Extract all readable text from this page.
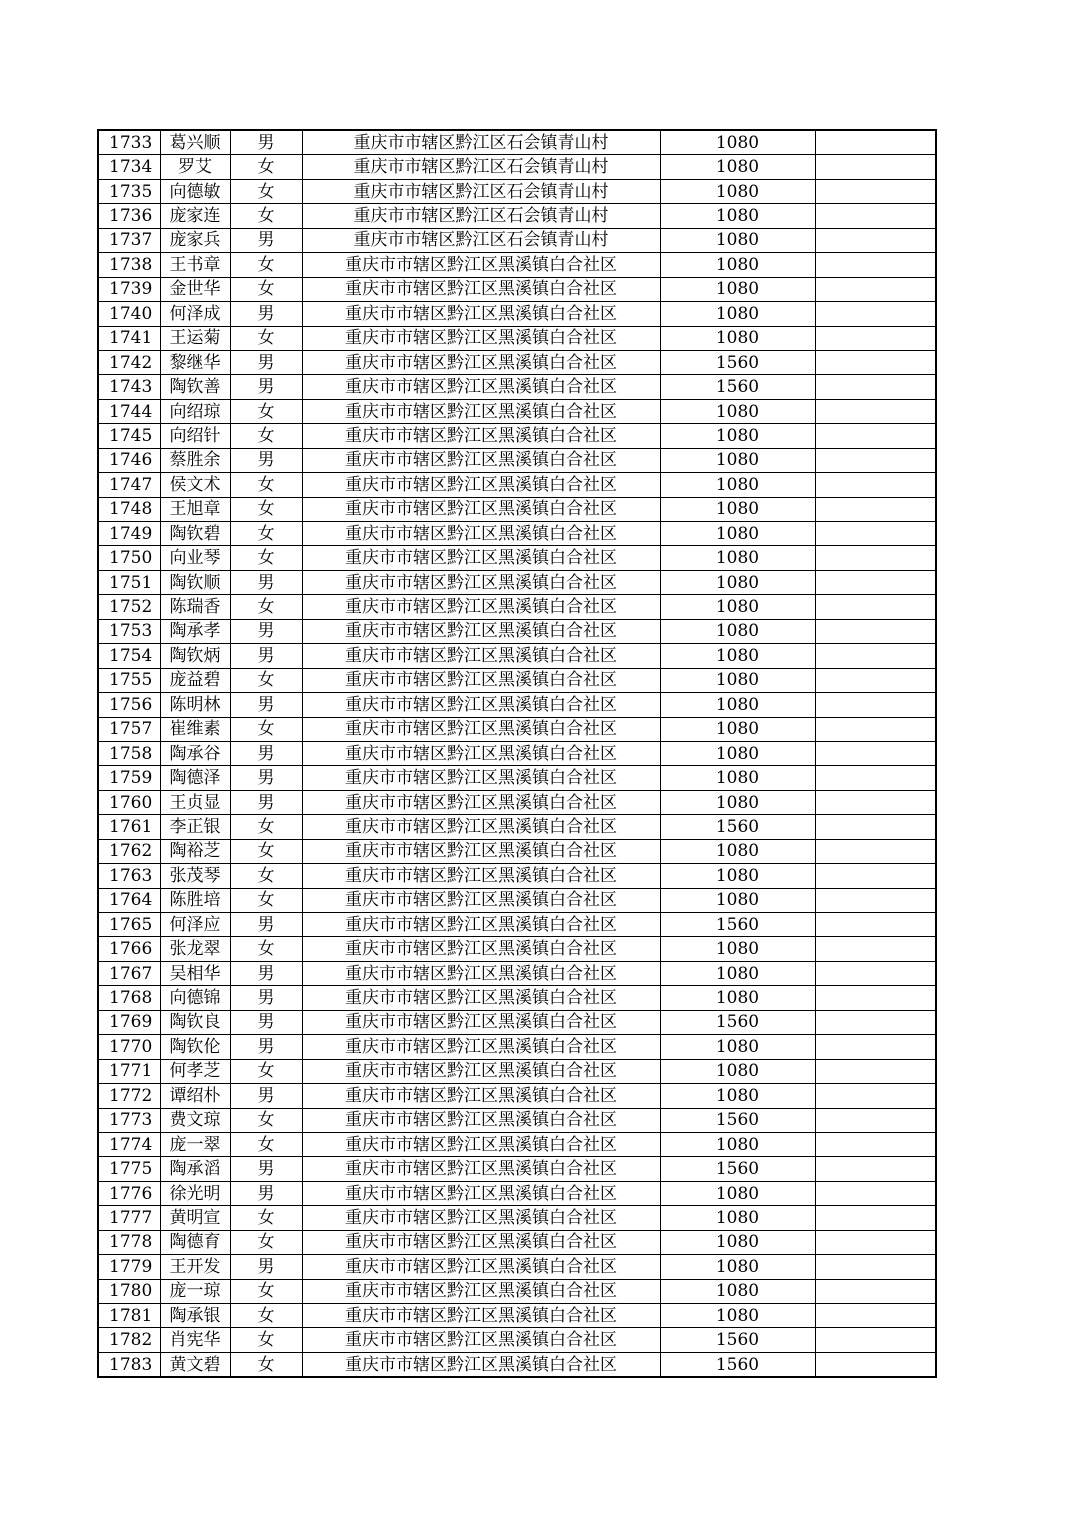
1733	葛兴顺	男	重庆市市辖区黔江区石会镇青山村	1080	
1734	罗艾	女	重庆市市辖区黔江区石会镇青山村	1080	
1735	向德敏	女	重庆市市辖区黔江区石会镇青山村	1080	
1736	庞家连	女	重庆市市辖区黔江区石会镇青山村	1080	
1737	庞家兵	男	重庆市市辖区黔江区石会镇青山村	1080	
1738	王书章	女	重庆市市辖区黔江区黑溪镇白合社区	1080	
1739	金世华	女	重庆市市辖区黔江区黑溪镇白合社区	1080	
1740	何泽成	男	重庆市市辖区黔江区黑溪镇白合社区	1080	
1741	王运菊	女	重庆市市辖区黔江区黑溪镇白合社区	1080	
1742	黎继华	男	重庆市市辖区黔江区黑溪镇白合社区	1560	
1743	陶钦善	男	重庆市市辖区黔江区黑溪镇白合社区	1560	
1744	向绍琼	女	重庆市市辖区黔江区黑溪镇白合社区	1080	
1745	向绍针	女	重庆市市辖区黔江区黑溪镇白合社区	1080	
1746	蔡胜余	男	重庆市市辖区黔江区黑溪镇白合社区	1080	
1747	侯文术	女	重庆市市辖区黔江区黑溪镇白合社区	1080	
1748	王旭章	女	重庆市市辖区黔江区黑溪镇白合社区	1080	
1749	陶钦碧	女	重庆市市辖区黔江区黑溪镇白合社区	1080	
1750	向业琴	女	重庆市市辖区黔江区黑溪镇白合社区	1080	
1751	陶钦顺	男	重庆市市辖区黔江区黑溪镇白合社区	1080	
1752	陈瑞香	女	重庆市市辖区黔江区黑溪镇白合社区	1080	
1753	陶承孝	男	重庆市市辖区黔江区黑溪镇白合社区	1080	
1754	陶钦炳	男	重庆市市辖区黔江区黑溪镇白合社区	1080	
1755	庞益碧	女	重庆市市辖区黔江区黑溪镇白合社区	1080	
1756	陈明林	男	重庆市市辖区黔江区黑溪镇白合社区	1080	
1757	崔维素	女	重庆市市辖区黔江区黑溪镇白合社区	1080	
1758	陶承谷	男	重庆市市辖区黔江区黑溪镇白合社区	1080	
1759	陶德泽	男	重庆市市辖区黔江区黑溪镇白合社区	1080	
1760	王贞显	男	重庆市市辖区黔江区黑溪镇白合社区	1080	
1761	李正银	女	重庆市市辖区黔江区黑溪镇白合社区	1560	
1762	陶裕芝	女	重庆市市辖区黔江区黑溪镇白合社区	1080	
1763	张茂琴	女	重庆市市辖区黔江区黑溪镇白合社区	1080	
1764	陈胜培	女	重庆市市辖区黔江区黑溪镇白合社区	1080	
1765	何泽应	男	重庆市市辖区黔江区黑溪镇白合社区	1560	
1766	张龙翠	女	重庆市市辖区黔江区黑溪镇白合社区	1080	
1767	吴相华	男	重庆市市辖区黔江区黑溪镇白合社区	1080	
1768	向德锦	男	重庆市市辖区黔江区黑溪镇白合社区	1080	
1769	陶钦良	男	重庆市市辖区黔江区黑溪镇白合社区	1560	
1770	陶钦伦	男	重庆市市辖区黔江区黑溪镇白合社区	1080	
1771	何孝芝	女	重庆市市辖区黔江区黑溪镇白合社区	1080	
1772	谭绍朴	男	重庆市市辖区黔江区黑溪镇白合社区	1080	
1773	费文琼	女	重庆市市辖区黔江区黑溪镇白合社区	1560	
1774	庞一翠	女	重庆市市辖区黔江区黑溪镇白合社区	1080	
1775	陶承滔	男	重庆市市辖区黔江区黑溪镇白合社区	1560	
1776	徐光明	男	重庆市市辖区黔江区黑溪镇白合社区	1080	
1777	黄明宣	女	重庆市市辖区黔江区黑溪镇白合社区	1080	
1778	陶德育	女	重庆市市辖区黔江区黑溪镇白合社区	1080	
1779	王开发	男	重庆市市辖区黔江区黑溪镇白合社区	1080	
1780	庞一琼	女	重庆市市辖区黔江区黑溪镇白合社区	1080	
1781	陶承银	女	重庆市市辖区黔江区黑溪镇白合社区	1080	
1782	肖宪华	女	重庆市市辖区黔江区黑溪镇白合社区	1560	
1783	黄文碧	女	重庆市市辖区黔江区黑溪镇白合社区	1560	
